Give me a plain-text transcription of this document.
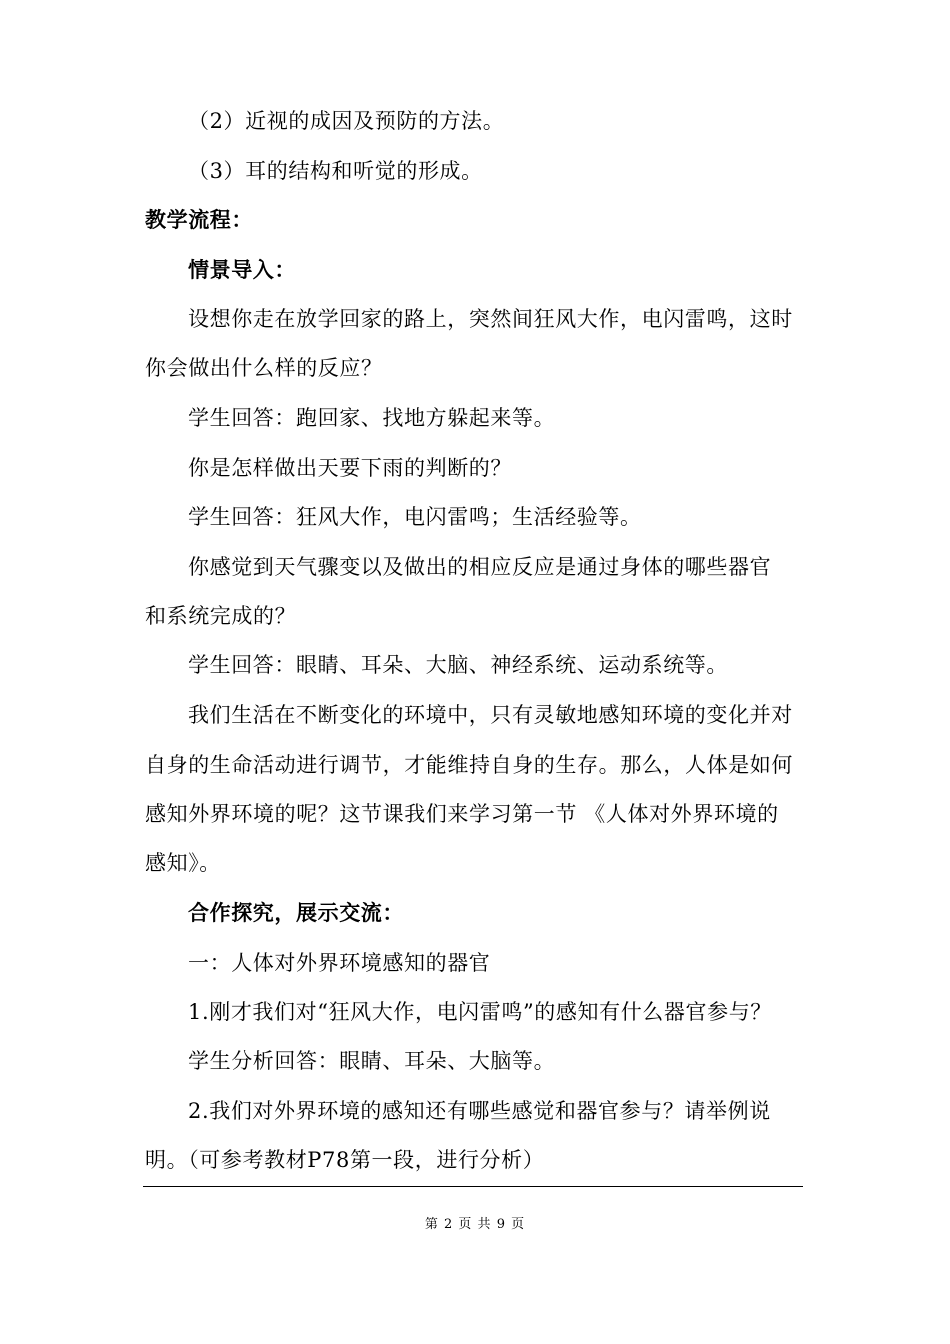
（2）近视的成因及预防的方法。
（3）耳的结构和听觉的形成。
教学流程：
情景导入：
设想你走在放学回家的路上，突然间狂风大作，电闪雷鸣，这时
你会做出什么样的反应？
学生回答：跑回家、找地方躲起来等。
你是怎样做出天要下雨的判断的？
学生回答：狂风大作，电闪雷鸣；生活经验等。
你感觉到天气骤变以及做出的相应反应是通过身体的哪些器官
和系统完成的？
学生回答：眼睛、耳朵、大脑、神经系统、运动系统等。
我们生活在不断变化的环境中，只有灵敏地感知环境的变化并对
自身的生命活动进行调节，才能维持自身的生存。那么，人体是如何
感知外界环境的呢？这节课我们来学习第一节 《人体对外界环境的
感知》。
合作探究，展示交流：
一：人体对外界环境感知的器官
1.刚才我们对“狂风大作，电闪雷鸣”的感知有什么器官参与？
学生分析回答：眼睛、耳朵、大脑等。
2.我们对外界环境的感知还有哪些感觉和器官参与？请举例说
明。（可参考教材P78第一段，进行分析）
第 2 页 共 9 页
